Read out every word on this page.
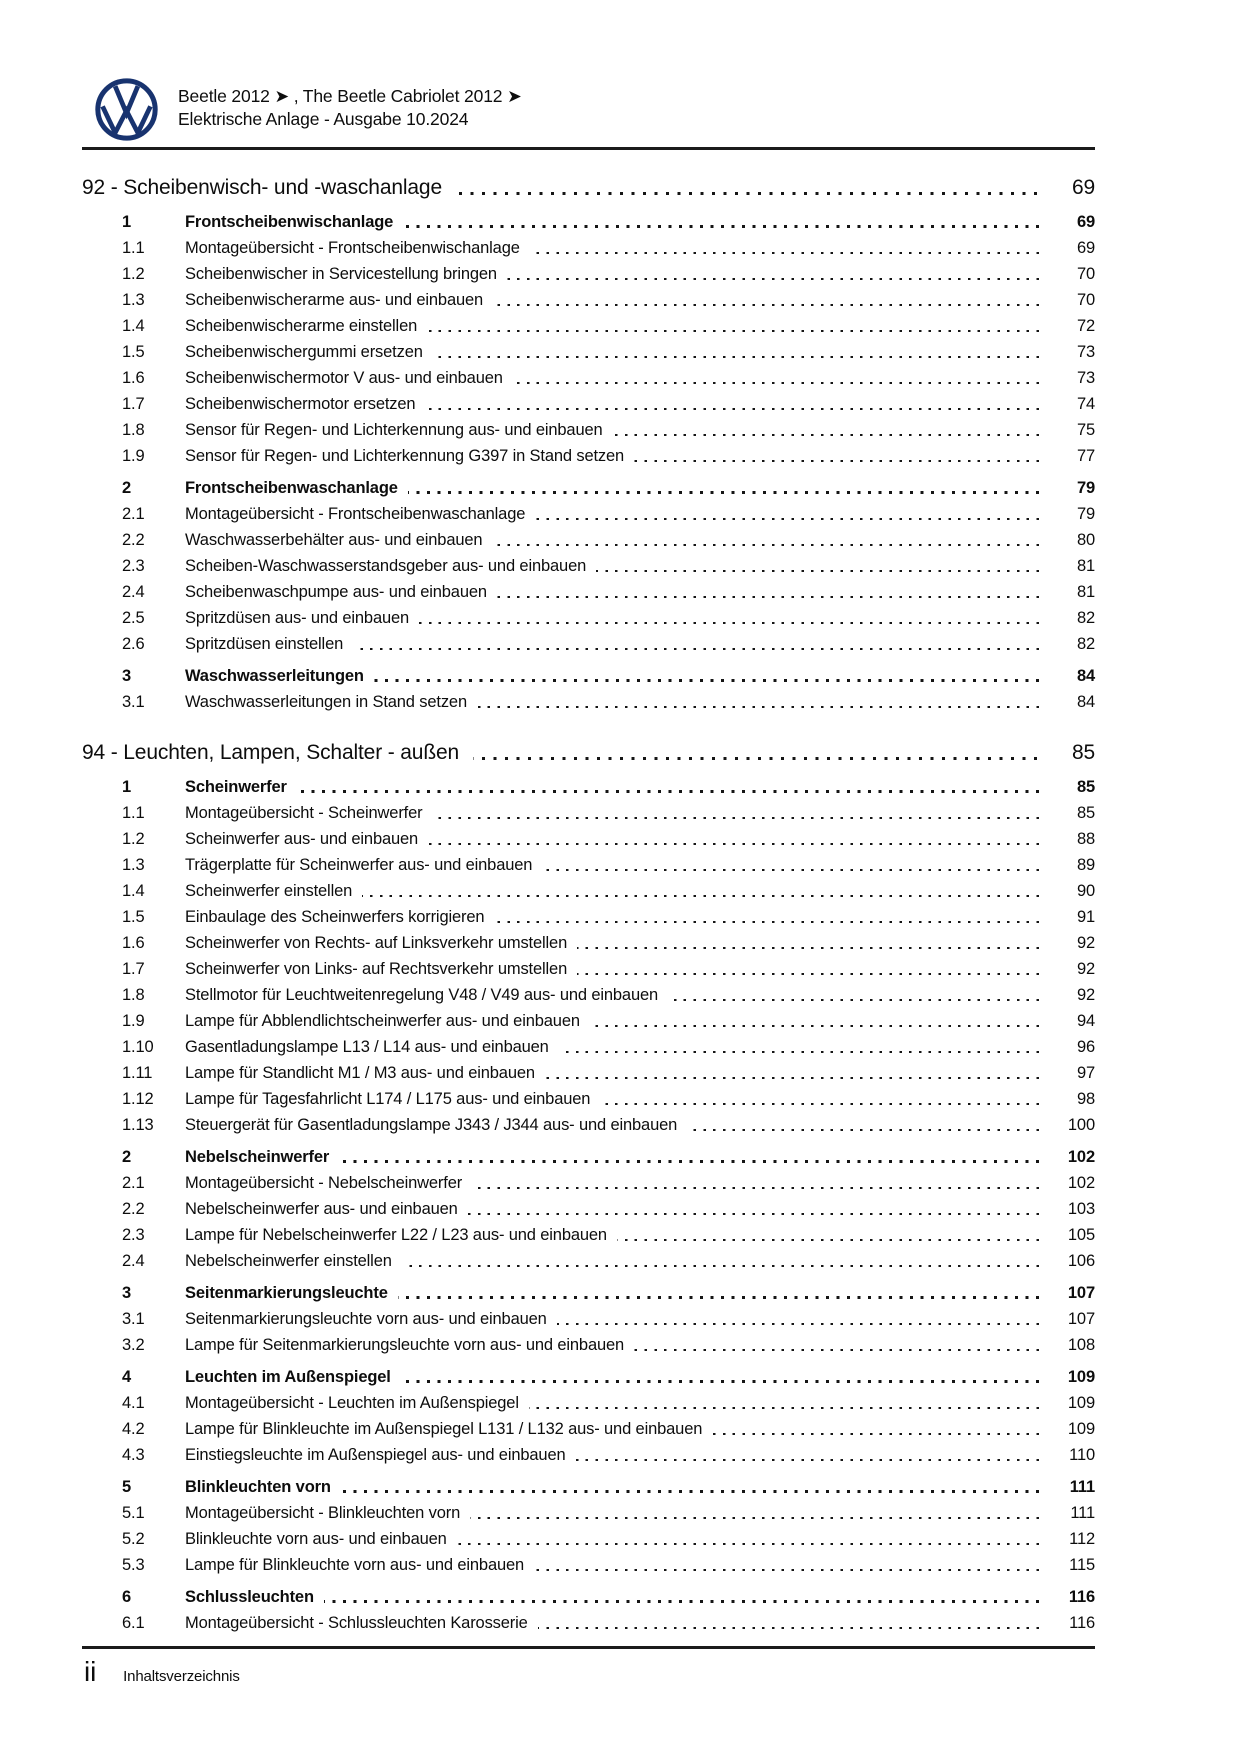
Beetle 2012 ➤ , The Beetle Cabriolet 2012 ➤
Elektrische Anlage - Ausgabe 10.2024
92 - Scheibenwisch- und -waschanlage	69
1	Frontscheibenwischanlage	69
1.1	Montageübersicht - Frontscheibenwischanlage	69
1.2	Scheibenwischer in Servicestellung bringen	70
1.3	Scheibenwischerarme aus- und einbauen	70
1.4	Scheibenwischerarme einstellen	72
1.5	Scheibenwischergummi ersetzen	73
1.6	Scheibenwischermotor V aus- und einbauen	73
1.7	Scheibenwischermotor ersetzen	74
1.8	Sensor für Regen- und Lichterkennung aus- und einbauen	75
1.9	Sensor für Regen- und Lichterkennung G397 in Stand setzen	77
2	Frontscheibenwaschanlage	79
2.1	Montageübersicht - Frontscheibenwaschanlage	79
2.2	Waschwasserbehälter aus- und einbauen	80
2.3	Scheiben-Waschwasserstandsgeber aus- und einbauen	81
2.4	Scheibenwaschpumpe aus- und einbauen	81
2.5	Spritzdüsen aus- und einbauen	82
2.6	Spritzdüsen einstellen	82
3	Waschwasserleitungen	84
3.1	Waschwasserleitungen in Stand setzen	84
94 - Leuchten, Lampen, Schalter - außen	85
1	Scheinwerfer	85
1.1	Montageübersicht - Scheinwerfer	85
1.2	Scheinwerfer aus- und einbauen	88
1.3	Trägerplatte für Scheinwerfer aus- und einbauen	89
1.4	Scheinwerfer einstellen	90
1.5	Einbaulage des Scheinwerfers korrigieren	91
1.6	Scheinwerfer von Rechts- auf Linksverkehr umstellen	92
1.7	Scheinwerfer von Links- auf Rechtsverkehr umstellen	92
1.8	Stellmotor für Leuchtweitenregelung V48 / V49 aus- und einbauen	92
1.9	Lampe für Abblendlichtscheinwerfer aus- und einbauen	94
1.10	Gasentladungslampe L13 / L14 aus- und einbauen	96
1.11	Lampe für Standlicht M1 / M3 aus- und einbauen	97
1.12	Lampe für Tagesfahrlicht L174 / L175 aus- und einbauen	98
1.13	Steuergerät für Gasentladungslampe J343 / J344 aus- und einbauen	100
2	Nebelscheinwerfer	102
2.1	Montageübersicht - Nebelscheinwerfer	102
2.2	Nebelscheinwerfer aus- und einbauen	103
2.3	Lampe für Nebelscheinwerfer L22 / L23 aus- und einbauen	105
2.4	Nebelscheinwerfer einstellen	106
3	Seitenmarkierungsleuchte	107
3.1	Seitenmarkierungsleuchte vorn aus- und einbauen	107
3.2	Lampe für Seitenmarkierungsleuchte vorn aus- und einbauen	108
4	Leuchten im Außenspiegel	109
4.1	Montageübersicht - Leuchten im Außenspiegel	109
4.2	Lampe für Blinkleuchte im Außenspiegel L131 / L132 aus- und einbauen	109
4.3	Einstiegsleuchte im Außenspiegel aus- und einbauen	110
5	Blinkleuchten vorn	111
5.1	Montageübersicht - Blinkleuchten vorn	111
5.2	Blinkleuchte vorn aus- und einbauen	112
5.3	Lampe für Blinkleuchte vorn aus- und einbauen	115
6	Schlussleuchten	116
6.1	Montageübersicht - Schlussleuchten Karosserie	116
ii Inhaltsverzeichnis
